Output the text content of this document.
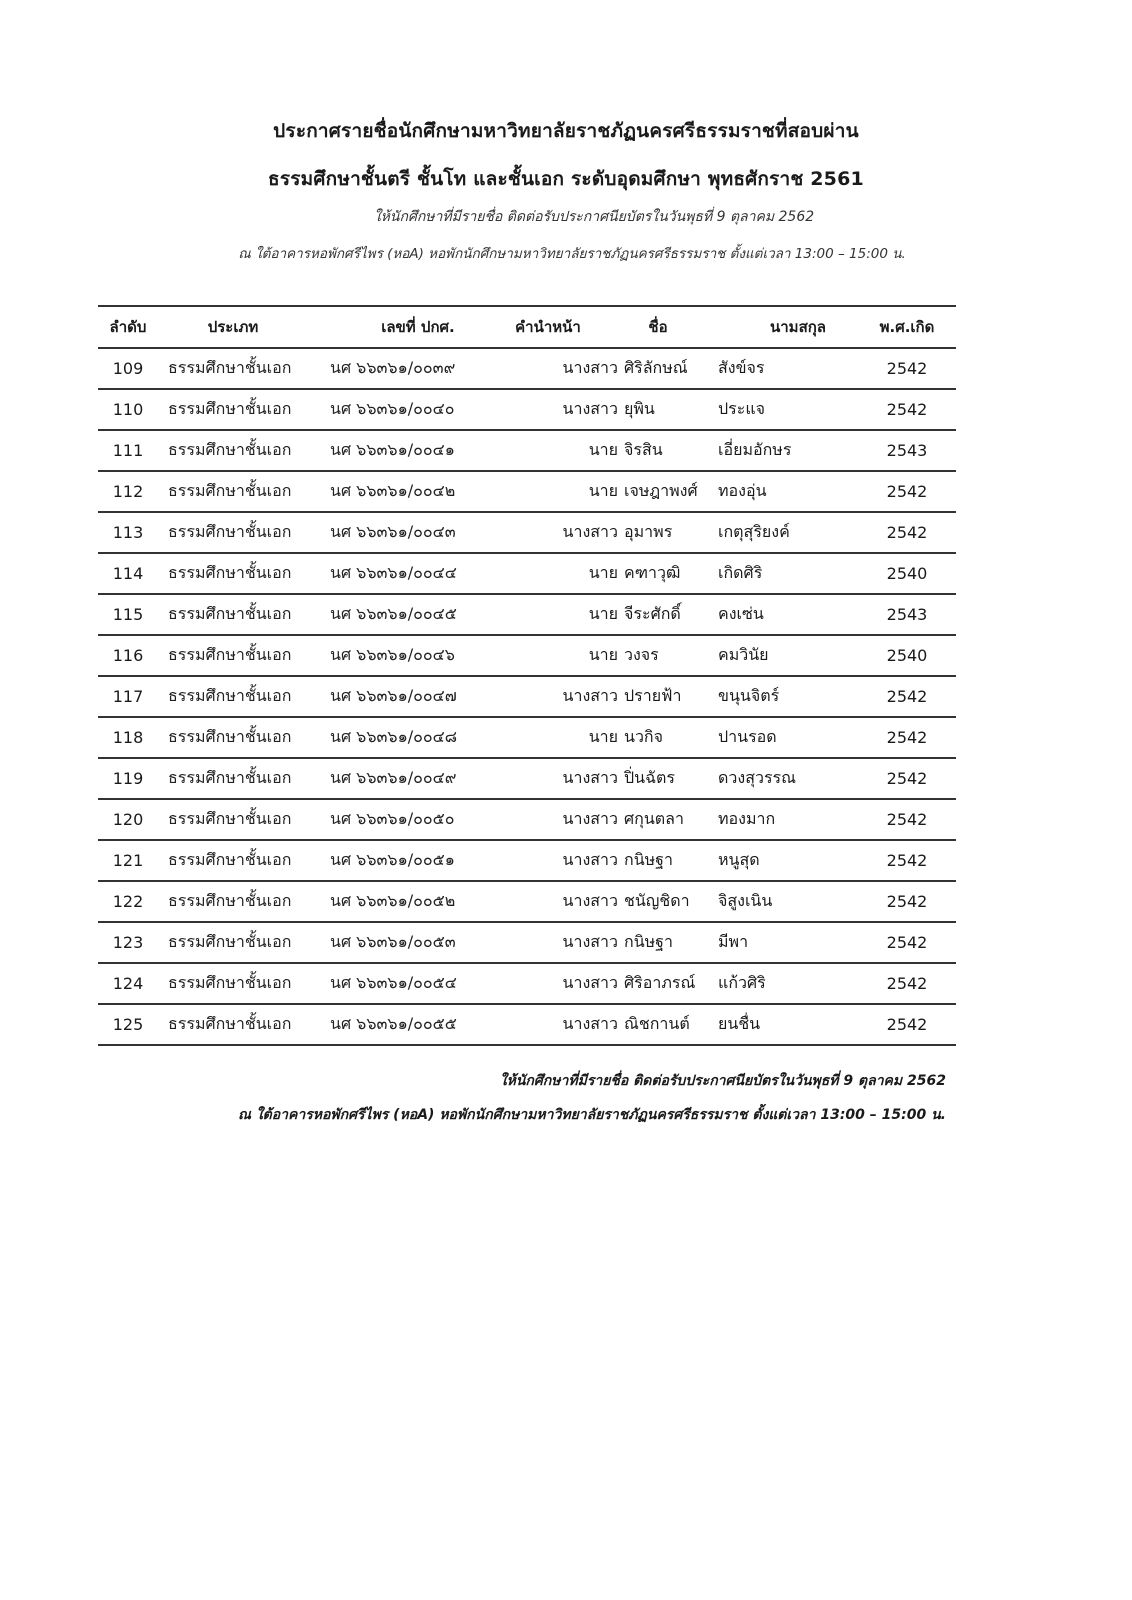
ประกาศรายชื่อนักศึกษามหาวิทยาลัยราชภัฏนครศรีธรรมราชที่สอบผ่าน
ธรรมศึกษาชั้นตรี ชั้นโท และชั้นเอก ระดับอุดมศึกษา พุทธศักราช 2561
ให้นักศึกษาที่มีรายชื่อ ติดต่อรับประกาศนียบัตรในวันพุธที่ 9 ตุลาคม 2562
ณ ใต้อาคารหอพักศรีไพร (หอA) หอพักนักศึกษามหาวิทยาลัยราชภัฏนครศรีธรรมราช ตั้งแต่เวลา 13:00 – 15:00 น.
ลำดับ	ประเภท	เลขที่ ปกศ.	คำนำหน้า	ชื่อ	นามสกุล	พ.ศ.เกิด
109	ธรรมศึกษาชั้นเอก	นศ ๖๖๓๖๑/๐๐๓๙	นางสาว ศิริลักษณ์	สังข์จร	2542
110	ธรรมศึกษาชั้นเอก	นศ ๖๖๓๖๑/๐๐๔๐	นางสาว ยุพิน	ประแจ	2542
111	ธรรมศึกษาชั้นเอก	นศ ๖๖๓๖๑/๐๐๔๑	นาย จิรสิน	เอี่ยมอักษร	2543
112	ธรรมศึกษาชั้นเอก	นศ ๖๖๓๖๑/๐๐๔๒	นาย เจษฎาพงศ์	ทองอุ่น	2542
113	ธรรมศึกษาชั้นเอก	นศ ๖๖๓๖๑/๐๐๔๓	นางสาว อุมาพร	เกตุสุริยงค์	2542
114	ธรรมศึกษาชั้นเอก	นศ ๖๖๓๖๑/๐๐๔๔	นาย คฑาวุฒิ	เกิดศิริ	2540
115	ธรรมศึกษาชั้นเอก	นศ ๖๖๓๖๑/๐๐๔๕	นาย จีระศักดิ์	คงเซ่น	2543
116	ธรรมศึกษาชั้นเอก	นศ ๖๖๓๖๑/๐๐๔๖	นาย วงจร	คมวินัย	2540
117	ธรรมศึกษาชั้นเอก	นศ ๖๖๓๖๑/๐๐๔๗	นางสาว ปรายฟ้า	ขนุนจิตร์	2542
118	ธรรมศึกษาชั้นเอก	นศ ๖๖๓๖๑/๐๐๔๘	นาย นวกิจ	ปานรอด	2542
119	ธรรมศึกษาชั้นเอก	นศ ๖๖๓๖๑/๐๐๔๙	นางสาว ปิ่นฉัตร	ดวงสุวรรณ	2542
120	ธรรมศึกษาชั้นเอก	นศ ๖๖๓๖๑/๐๐๕๐	นางสาว ศกุนตลา	ทองมาก	2542
121	ธรรมศึกษาชั้นเอก	นศ ๖๖๓๖๑/๐๐๕๑	นางสาว กนิษฐา	หนูสุด	2542
122	ธรรมศึกษาชั้นเอก	นศ ๖๖๓๖๑/๐๐๕๒	นางสาว ชนัญชิดา	จิสูงเนิน	2542
123	ธรรมศึกษาชั้นเอก	นศ ๖๖๓๖๑/๐๐๕๓	นางสาว กนิษฐา	มีพา	2542
124	ธรรมศึกษาชั้นเอก	นศ ๖๖๓๖๑/๐๐๕๔	นางสาว ศิริอาภรณ์	แก้วศิริ	2542
125	ธรรมศึกษาชั้นเอก	นศ ๖๖๓๖๑/๐๐๕๕	นางสาว ณิชกานต์	ยนชื่น	2542
ให้นักศึกษาที่มีรายชื่อ ติดต่อรับประกาศนียบัตรในวันพุธที่ 9 ตุลาคม 2562
ณ ใต้อาคารหอพักศรีไพร (หอA) หอพักนักศึกษามหาวิทยาลัยราชภัฏนครศรีธรรมราช ตั้งแต่เวลา 13:00 – 15:00 น.
